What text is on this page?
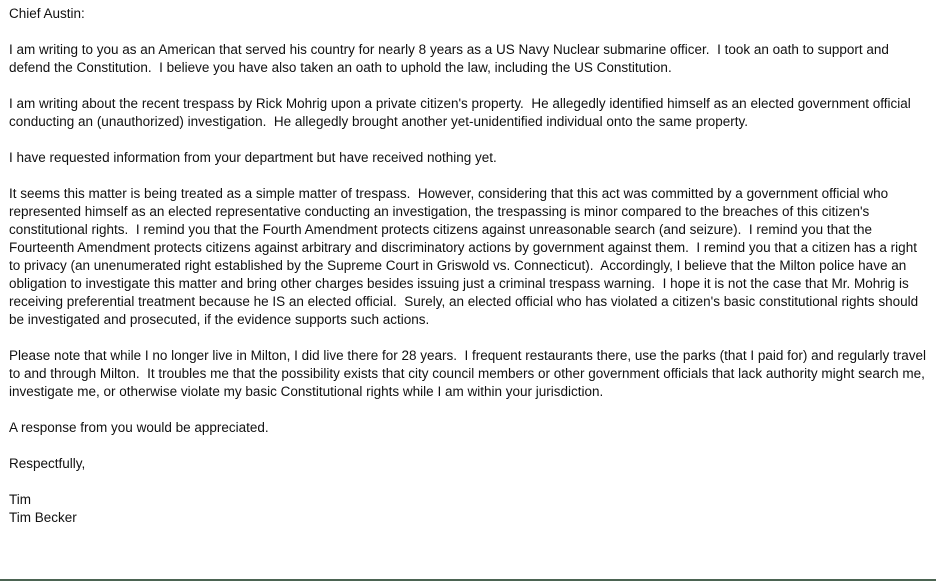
Chief Austin:

I am writing to you as an American that served his country for nearly 8 years as a US Navy Nuclear submarine officer.  I took an oath to support and defend the Constitution.  I believe you have also taken an oath to uphold the law, including the US Constitution.

I am writing about the recent trespass by Rick Mohrig upon a private citizen's property.  He allegedly identified himself as an elected government official conducting an (unauthorized) investigation.  He allegedly brought another yet-unidentified individual onto the same property.

I have requested information from your department but have received nothing yet.

It seems this matter is being treated as a simple matter of trespass.  However, considering that this act was committed by a government official who represented himself as an elected representative conducting an investigation, the trespassing is minor compared to the breaches of this citizen's constitutional rights.  I remind you that the Fourth Amendment protects citizens against unreasonable search (and seizure).  I remind you that the Fourteenth Amendment protects citizens against arbitrary and discriminatory actions by government against them.  I remind you that a citizen has a right to privacy (an unenumerated right established by the Supreme Court in Griswold vs. Connecticut).  Accordingly, I believe that the Milton police have an obligation to investigate this matter and bring other charges besides issuing just a criminal trespass warning.  I hope it is not the case that Mr. Mohrig is receiving preferential treatment because he IS an elected official.  Surely, an elected official who has violated a citizen's basic constitutional rights should be investigated and prosecuted, if the evidence supports such actions.

Please note that while I no longer live in Milton, I did live there for 28 years.  I frequent restaurants there, use the parks (that I paid for) and regularly travel to and through Milton.  It troubles me that the possibility exists that city council members or other government officials that lack authority might search me, investigate me, or otherwise violate my basic Constitutional rights while I am within your jurisdiction.

A response from you would be appreciated.

Respectfully,

Tim

Tim Becker
